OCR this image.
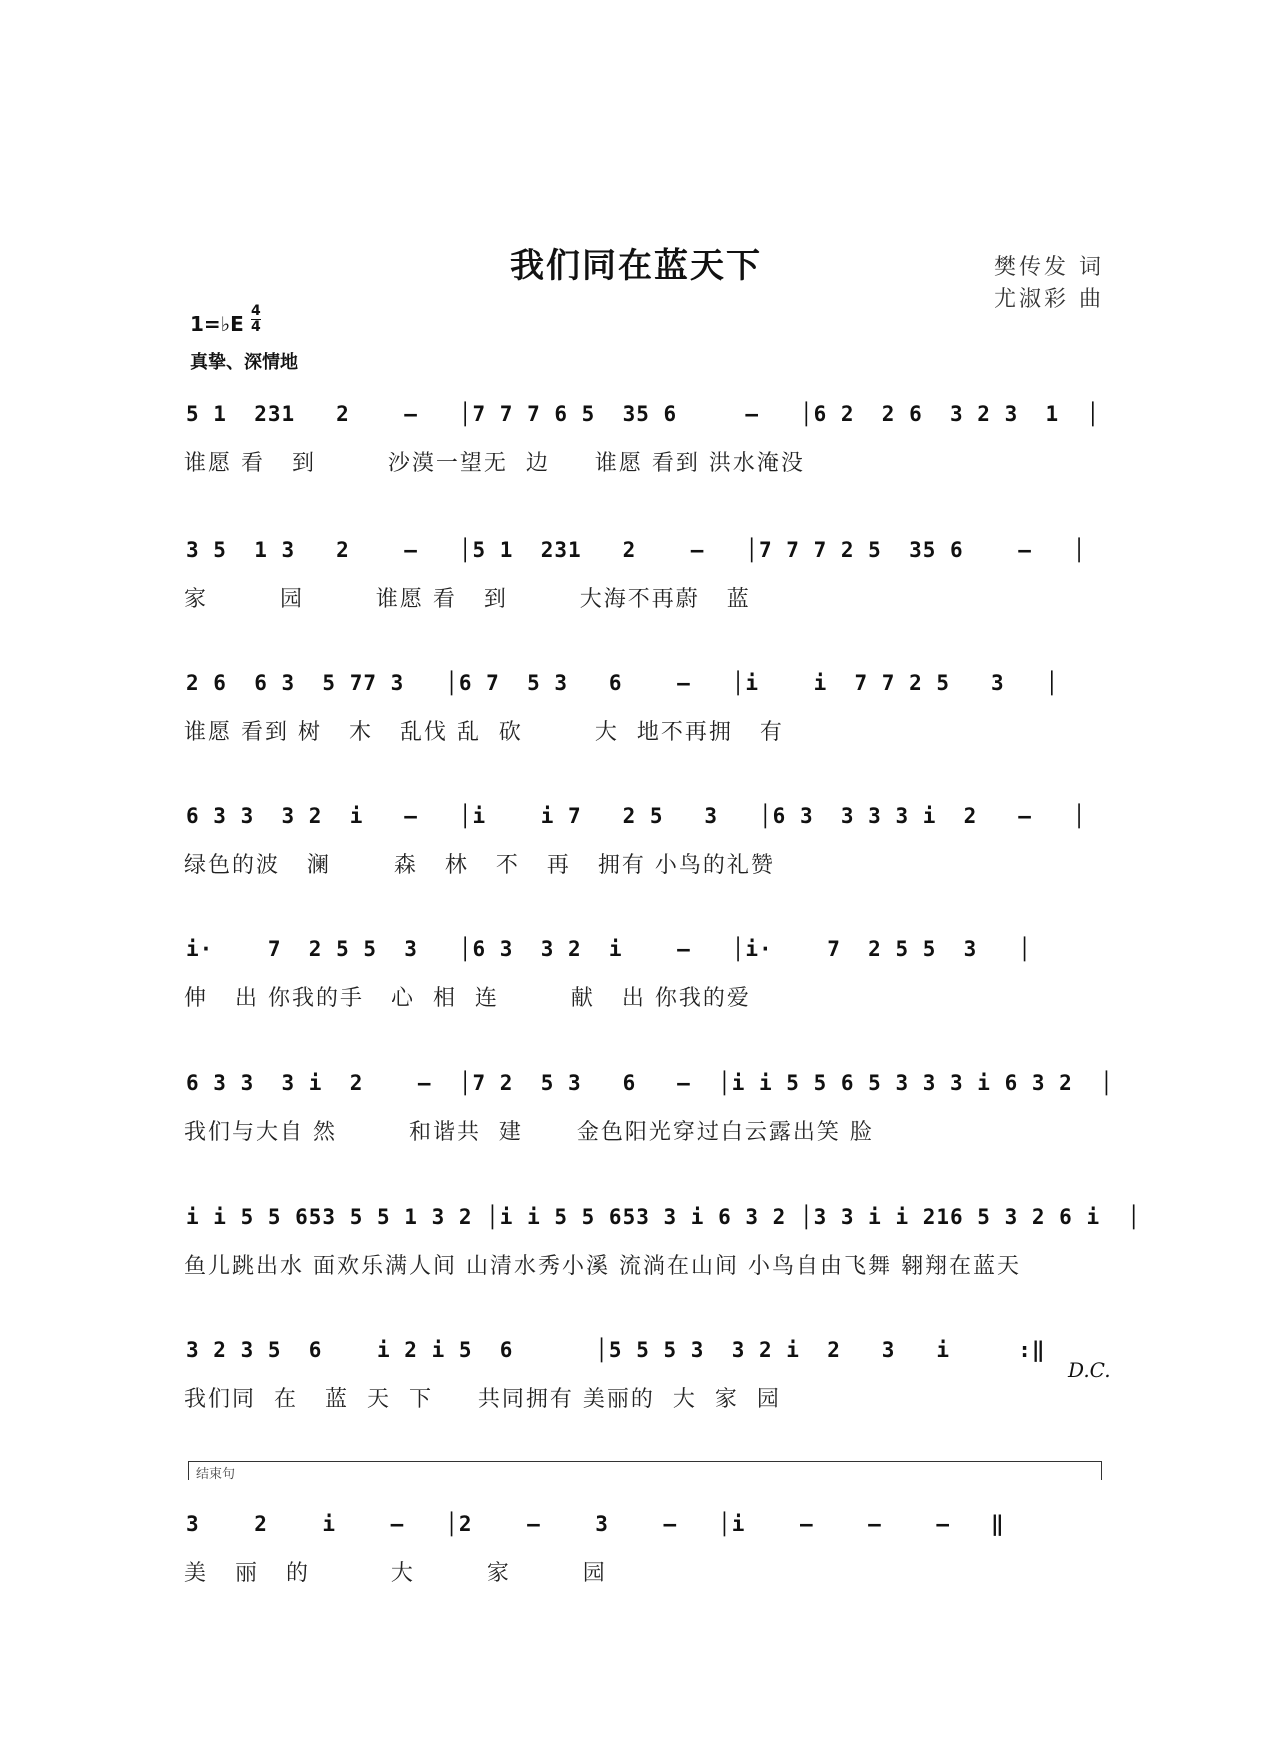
我们同在蓝天下	樊传发 词
尤淑彩 曲
1=♭E $\frac{4}{4}$
真挚、深情地
5 1  231   2    –   │7 7 7 6 5  35 6     –   │6 2  2 6  3 2 3  1  │
谁愿 看   到        沙漠一望无  边     谁愿 看到 洪水淹没
3 5  1 3   2    –   │5 1  231   2    –   │7 7 7 2 5  35 6    –   │
家        园        谁愿 看   到        大海不再蔚   蓝
2 6  6 3  5 77 3   │6 7  5 3   6    –   │i    i  7 7 2 5   3   │
谁愿 看到 树   木   乱伐 乱  砍        大  地不再拥   有
6 3 3  3 2  i   –   │i    i 7   2 5   3   │6 3  3 3 3 i  2   –   │
绿色的波   澜       森   林   不   再   拥有 小鸟的礼赞
i·    7  2 5 5  3   │6 3  3 2  i    –   │i·    7  2 5 5  3   │
伸   出 你我的手   心  相  连        献   出 你我的爱
6 3 3  3 i  2    –  │7 2  5 3   6   –  │i i 5 5 6 5 3 3 3 i 6 3 2  │
我们与大自 然        和谐共  建      金色阳光穿过白云露出笑 脸
i i 5 5 653 5 5 1 3 2 │i i 5 5 653 3 i 6 3 2 │3 3 i i 216 5 3 2 6 i  │
鱼儿跳出水 面欢乐满人间 山清水秀小溪 流淌在山间 小鸟自由飞舞 翱翔在蓝天
3 2 3 5  6    i 2 i 5  6      │5 5 5 3  3 2 i  2   3   i     :‖
我们同  在   蓝  天  下     共同拥有 美丽的  大  家  园
D.C.
结束句
3    2    i    –   │2    –    3    –   │i    –    –    –   ‖
美   丽   的         大        家        园
